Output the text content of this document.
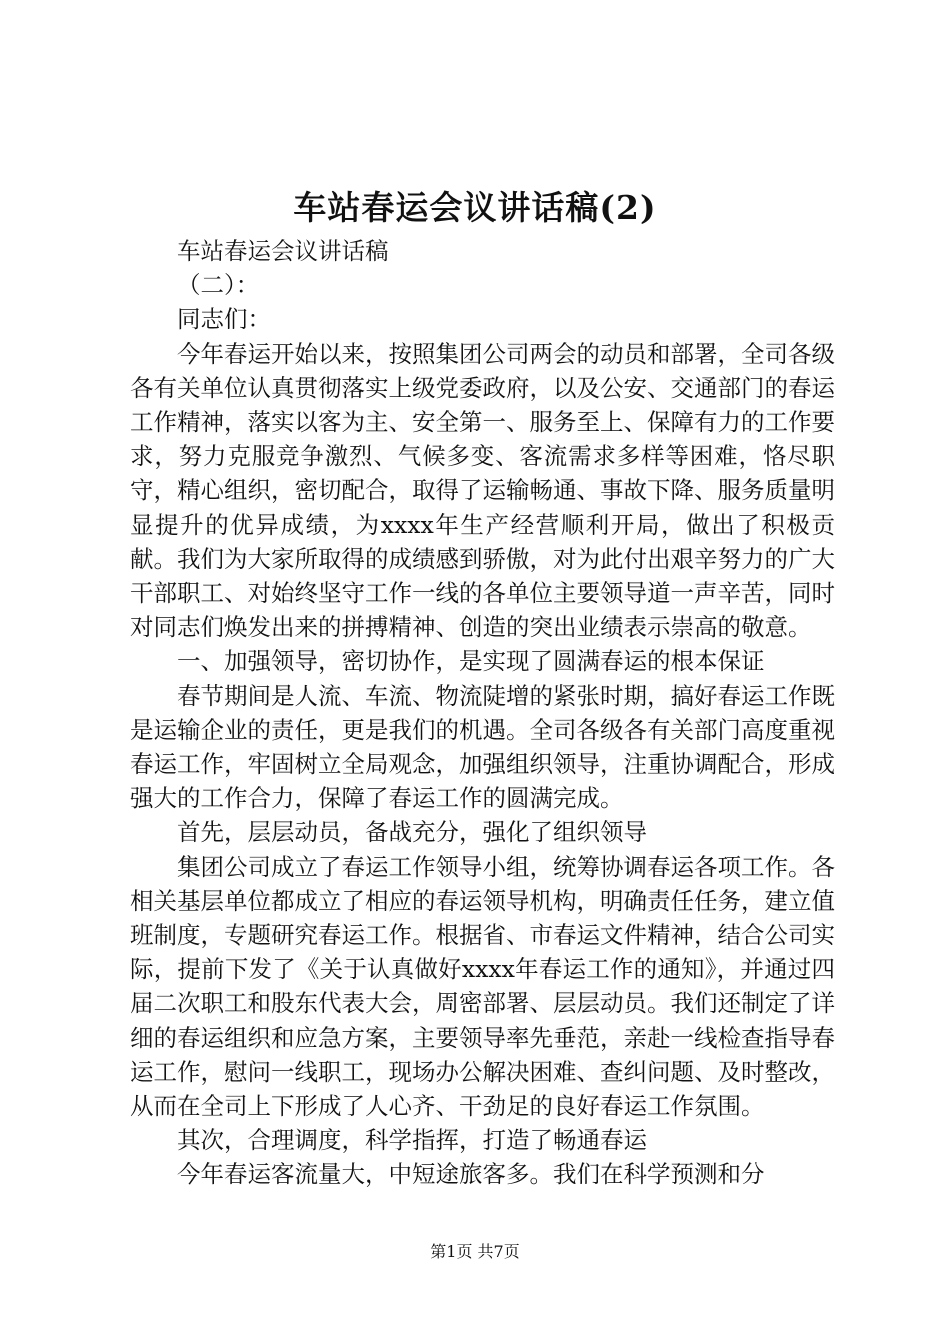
车站春运会议讲话稿(2)

车站春运会议讲话稿

（二）：

同志们：

今年春运开始以来，按照集团公司两会的动员和部署，全司各级各有关单位认真贯彻落实上级党委政府，以及公安、交通部门的春运工作精神，落实以客为主、安全第一、服务至上、保障有力的工作要求，努力克服竞争激烈、气候多变、客流需求多样等困难，恪尽职守，精心组织，密切配合，取得了运输畅通、事故下降、服务质量明显提升的优异成绩，为xxxx年生产经营顺利开局，做出了积极贡献。我们为大家所取得的成绩感到骄傲，对为此付出艰辛努力的广大干部职工、对始终坚守工作一线的各单位主要领导道一声辛苦，同时对同志们焕发出来的拼搏精神、创造的突出业绩表示崇高的敬意。

一、加强领导，密切协作，是实现了圆满春运的根本保证

春节期间是人流、车流、物流陡增的紧张时期，搞好春运工作既是运输企业的责任，更是我们的机遇。全司各级各有关部门高度重视春运工作，牢固树立全局观念，加强组织领导，注重协调配合，形成强大的工作合力，保障了春运工作的圆满完成。

首先，层层动员，备战充分，强化了组织领导

集团公司成立了春运工作领导小组，统筹协调春运各项工作。各相关基层单位都成立了相应的春运领导机构，明确责任任务，建立值班制度，专题研究春运工作。根据省、市春运文件精神，结合公司实际，提前下发了《关于认真做好xxxx年春运工作的通知》，并通过四届二次职工和股东代表大会，周密部署、层层动员。我们还制定了详细的春运组织和应急方案，主要领导率先垂范，亲赴一线检查指导春运工作，慰问一线职工，现场办公解决困难、查纠问题、及时整改，从而在全司上下形成了人心齐、干劲足的良好春运工作氛围。

其次，合理调度，科学指挥，打造了畅通春运

今年春运客流量大，中短途旅客多。我们在科学预测和分

第1页 共7页
